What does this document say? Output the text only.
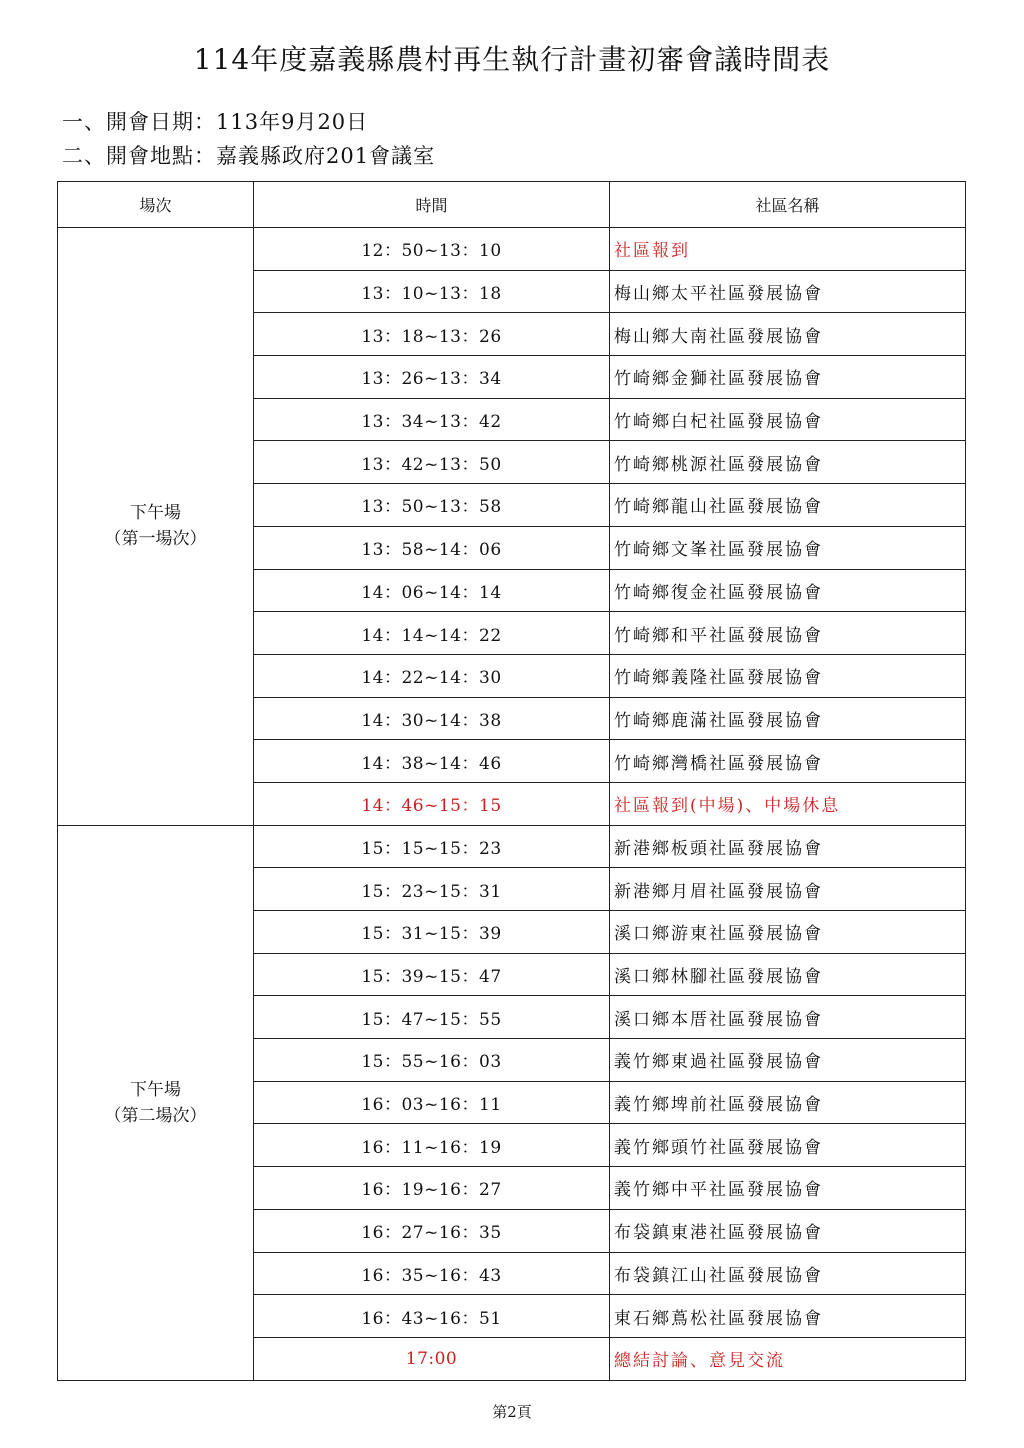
114年度嘉義縣農村再生執行計畫初審會議時間表
一、開會日期：113年9月20日
二、開會地點：嘉義縣政府201會議室
場次	時間	社區名稱

下午場
（第一場次）	12：50~13：10	社區報到
	13：10~13：18	梅山鄉太平社區發展協會
	13：18~13：26	梅山鄉大南社區發展協會
	13：26~13：34	竹崎鄉金獅社區發展協會
	13：34~13：42	竹崎鄉白杞社區發展協會
	13：42~13：50	竹崎鄉桃源社區發展協會
	13：50~13：58	竹崎鄉龍山社區發展協會
	13：58~14：06	竹崎鄉文峯社區發展協會
	14：06~14：14	竹崎鄉復金社區發展協會
	14：14~14：22	竹崎鄉和平社區發展協會
	14：22~14：30	竹崎鄉義隆社區發展協會
	14：30~14：38	竹崎鄉鹿滿社區發展協會
	14：38~14：46	竹崎鄉灣橋社區發展協會
	14：46~15：15	社區報到(中場)、中場休息

下午場
（第二場次）	15：15~15：23	新港鄉板頭社區發展協會
	15：23~15：31	新港鄉月眉社區發展協會
	15：31~15：39	溪口鄉游東社區發展協會
	15：39~15：47	溪口鄉林腳社區發展協會
	15：47~15：55	溪口鄉本厝社區發展協會
	15：55~16：03	義竹鄉東過社區發展協會
	16：03~16：11	義竹鄉埤前社區發展協會
	16：11~16：19	義竹鄉頭竹社區發展協會
	16：19~16：27	義竹鄉中平社區發展協會
	16：27~16：35	布袋鎮東港社區發展協會
	16：35~16：43	布袋鎮江山社區發展協會
	16：43~16：51	東石鄉蔦松社區發展協會
	17:00	總結討論、意見交流
第2頁
